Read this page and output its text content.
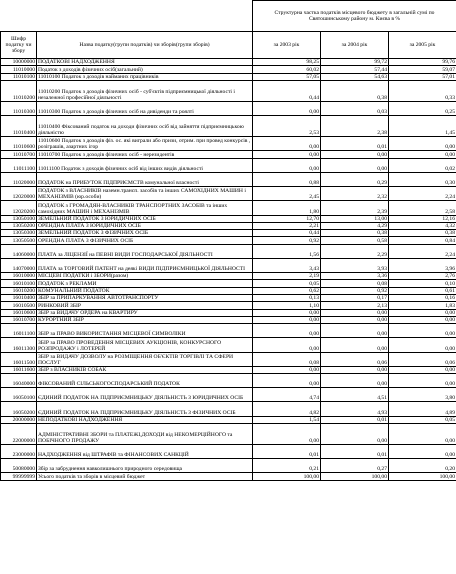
		Структурна частка податків місцевого бюджету в загальній сумі по Святошинському району м. Києва в %		
Шифр податку чи збору	Назва податку(групи податків) чи зборів(групи зборів)	за 2003 рік	за 2004 рік	за 2005 рік
10000000	ПОДАТКОВІ НАДХОДЖЕННЯ	98,25	99,72	99,76
11010000	Податок з доходів фізичних осіб(загальний)	60,02	57,44	59,07
11010100	11010100 Податок з доходів найманих працівників	57,05	54,63	57,01
11010200	11010200 Податок з доходів фізичних осіб - суб'єктів підприємницької діяльності і незалежної професійної діяльності	0,44	0,38	0,33
11010300	11010300 Податок з доходів фізичних осіб на дивіденди та роялті	0,00	0,03	0,25
11010400	11010400 Фіксований податок на доходи фізичних осіб від зайняття підприємницькою діяльністю	2,53	2,38	1,45
11010600	11010600 Податок з доходів фіз. ос. які виграли або призи, отрим. при провед конкурсів , розіграшів, азартних ігор	0,00	0,01	0,00
11010700	11010700 Податок з доходів фізичних осіб - нерезидентів	0,00	0,00	0,00
11011100	11011100 Податок з доходів фізичних осіб від інших видів діяльності	0,00	0,00	0,02
11020000	ПОДАТОК на ПРИБУТОК ПІДПРИЄМСТВ комунальної власності	0,88	0,29	0,30
12020000	ПОДАТОК з ВЛАСНИКІВ наземн.трансп. засобів та інших САМОХІДНИХ МАШИН і МЕХАНІЗМІВ (юр.особи)	2,45	2,32	2,24
12020200	ПОДАТОК з ГРОМАДЯН-ВЛАСНИКІВ ТРАНСПОРТНИХ ЗАСОБІВ та інших самохідних МАШИН і МЕХАНІЗМІВ	1,80	2,39	2,58
13050100	ЗЕМЕЛЬНИЙ ПОДАТОК З ЮРИДИЧНИХ ОСІБ	12,70	13,00	12,16
13050200	ОРЕНДНА ПЛАТА З ЮРИДИЧНИХ ОСІБ	2,21	4,29	4,32
13050300	ЗЕМЕЛЬНИЙ ПОДАТОК З ФІЗИЧНИХ ОСІБ	0,44	0,38	0,38
13050500	ОРЕНДНА ПЛАТА З ФІЗИЧНИХ ОСІБ	0,92	0,58	0,84
14060000	ПЛАТА за ЛІЦЕНЗІЇ на ПЕВНІ ВИДИ ГОСПОДАРСЬКОЇ ДІЯЛЬНОСТІ	1,56	2,29	2,24
14070000	ПЛАТА за ТОРГОВИЙ ПАТЕНТ на деякі ВИДИ ПІДПРИЄМНИЦЬКОЇ ДІЯЛЬНОСТІ	3,43	3,93	3,96
16010000	МІСЦЕВІ ПОДАТКИ і ЗБОРИ(разом)	2,19	3,36	2,76
16010100	ПОДАТОК з РЕКЛАМИ	0,05	0,08	0,10
16010200	КОМУНАЛЬНИЙ ПОДАТОК	0,62	0,92	0,61
16010400	ЗБІР за ПРИПАРКУВАННЯ АВТОТРАНСПОРТУ	0,13	0,17	0,16
16010500	РИНКОВИЙ ЗБІР	1,10	2,13	1,83
16010600	ЗБІР за ВИДАЧУ ОРДЕРА на КВАРТИРУ	0,00	0,00	0,00
16010700	КУРОРТНИЙ ЗБІР	0,00	0,00	0,00
16011100	ЗБІР за ПРАВО ВИКОРИСТАННЯ МІСЦЕВОЇ СИМВОЛІКИ	0,00	0,00	0,00
16011300	ЗБІР за ПРАВО ПРОВЕДЕННЯ МІСЦЕВИХ АУКЦІОНІВ, КОНКУРСНОГО РОЗПРОДАЖУ і ЛОТЕРЕЙ	0,00	0,00	0,00
16011500	ЗБІР за ВИДАЧУ ДОЗВОЛУ на РОЗМІЩЕННЯ ОБ'ЄКТІВ ТОРГІВЛІ ТА СФЕРИ ПОСЛУГ	0,08	0,06	0,06
16011600	ЗБІР з ВЛАСНИКІВ СОБАК	0,00	0,00	0,00
16040000	ФІКСОВАНИЙ СІЛЬСЬКОГОСПОДАРСЬКИЙ ПОДАТОК	0,00	0,00	0,00
16050100	ЄДИНИЙ ПОДАТОК НА ПІДПРИЄМНИЦЬКУ ДІЯЛЬНІСТЬ З ЮРИДИЧНИХ ОСІБ	4,74	4,51	3,80
16050200	ЄДИНИЙ ПОДАТОК НА ПІДПРИЄМНИЦЬКУ ДІЯЛЬНІСТЬ З ФІЗИЧНИХ ОСІБ	4,82	4,93	4,89
20000000	НЕПОДАТКОВІ НАДХОДЖЕННЯ	1,54	0,01	0,05
22000000	АДМІНІСТРАТИВНІ ЗБОРИ та ПЛАТЕЖІ,ДОХОДИ від НЕКОМЕРЦІЙНОГО та ПОБІЧНОГО ПРОДАЖУ	0,00	0,00	0,00
23000000	НАДХОДЖЕННЯ від ШТРАФІВ та ФІНАНСОВИХ САНКЦІЙ	0,01	0,01	0,00
50080000	Збір за забруднення навколишнього природного середовища	0,21	0,27	0,20
99999999	Усього податків та зборів в місцевий бюджет	100,00	100,00	100,00
